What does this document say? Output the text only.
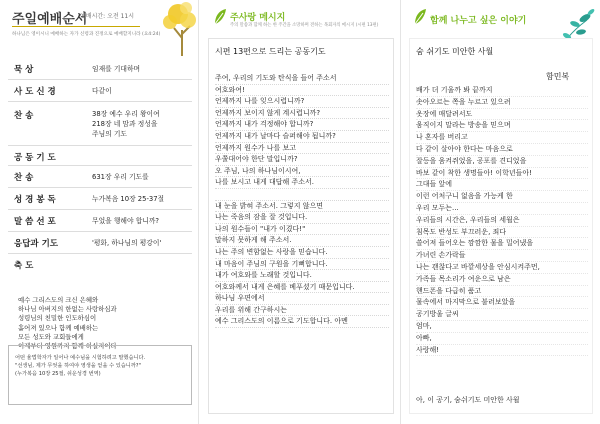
주일예배순서
예배시간: 오전 11시
하나님은 영이시니 예배하는 자가 신령과 진정으로 예배할지니라 (요4:24)
묵 상	임재를 기대하며
사 도 신 경	다같이
찬 송	38장 예수 우리 왕이여
218장 네 맘과 정성을
주님의 기도
공 동 기 도
찬 송	631장 우리 기도를
성 경 봉 독	누가복음 10장 25-37절
말 씀 선 포	무었을 행해야 합니까?
응답과 기도	'평화, 하나님의 평강이'
축 도
예수 그리스도의 크신 은혜와
하나님 아버지의 한없는 사랑하심과
성령님의 친밀한 인도하심이
흩어져 있으나 함께 예배하는
모든 성도와 교회들에게
이제부터 영원까지 함께 하실지어다
어떤 율법학자가 일어나 예수님을 시험하려고 말했습니다.
"선생님, 제가 무엇을 하여야 영생을 얻을 수 있습니까?"
(누가복음 10장 25절, 쉬운성경 번역)
주사랑 메시지
주의 말씀과 함께 하는 한 주간을 소망하며 전하는 목회자의 메시지 (시편 13편)
시편 13편으로 드리는 공동기도
주여, 우리의 기도와 탄식을 들어 주소서
여호와여!
언제까지 나를 잊으시렵니까?
언제까지 보이지 않게 계시렵니까?
언제까지 내가 걱정해야 합니까?
언제까지 내가 날마다 슬퍼해야 됩니까?
언제까지 원수가 나를 보고
우쭐대어야 한단 말입니까?
오 주님, 나의 하나님이시여,
나를 보시고 내게 대답해 주소서.
내 눈을 밝혀 주소서. 그렇지 않으면
나는 죽음의 잠을 잘 것입니다.
나의 원수들이 "내가 이겼다!"
말하지 못하게 해 주소서.
나는 주의 변함없는 사랑을 믿습니다.
내 마음이 주님의 구원을 기뻐합니다.
내가 여호와를 노래할 것입니다.
여호와께서 내게 은혜를 베푸셨기 때문입니다.
하나님 우편에서
우리를 위해 간구하시는
예수 그리스도의 이름으로 기도합니다. 아멘
함께 나누고 싶은 이야기
숨 쉬기도 미안한 사월
함민복
배가 더 기울까 봐 끝까지
솟아오르는 쪽을 누르고 있으려
옷장에 매달려서도
움직이지 말라는 방송을 믿으며
나 혼자를 버리고
다 같이 살아야 한다는 마음으로
잘등을 움켜쥐었을, 공포를 견디었을
바보 같이 착한 생명들아! 이학년들아!
그대들 앞에
이런 어처구니 없음을 가능케 한
우리 모두는...
우리들의 시간은, 우리들의 세월은
침목도 반성도 부끄러운, 죄다
쓸어져 들어오는 깜깜한 물을 밀어냈을
가녀린 손가락들
나는 괜찮다고 바깥세상을 안심시켜주먼,
가족들 목소리가 여운으로 남은
핸드폰을 다급히 품고
물속에서 마지막으로 불러보았을
공기방울 글씨
엄마,
아빠,
사랑해!
아, 이 공기, 숨쉬기도 미안한 사월
